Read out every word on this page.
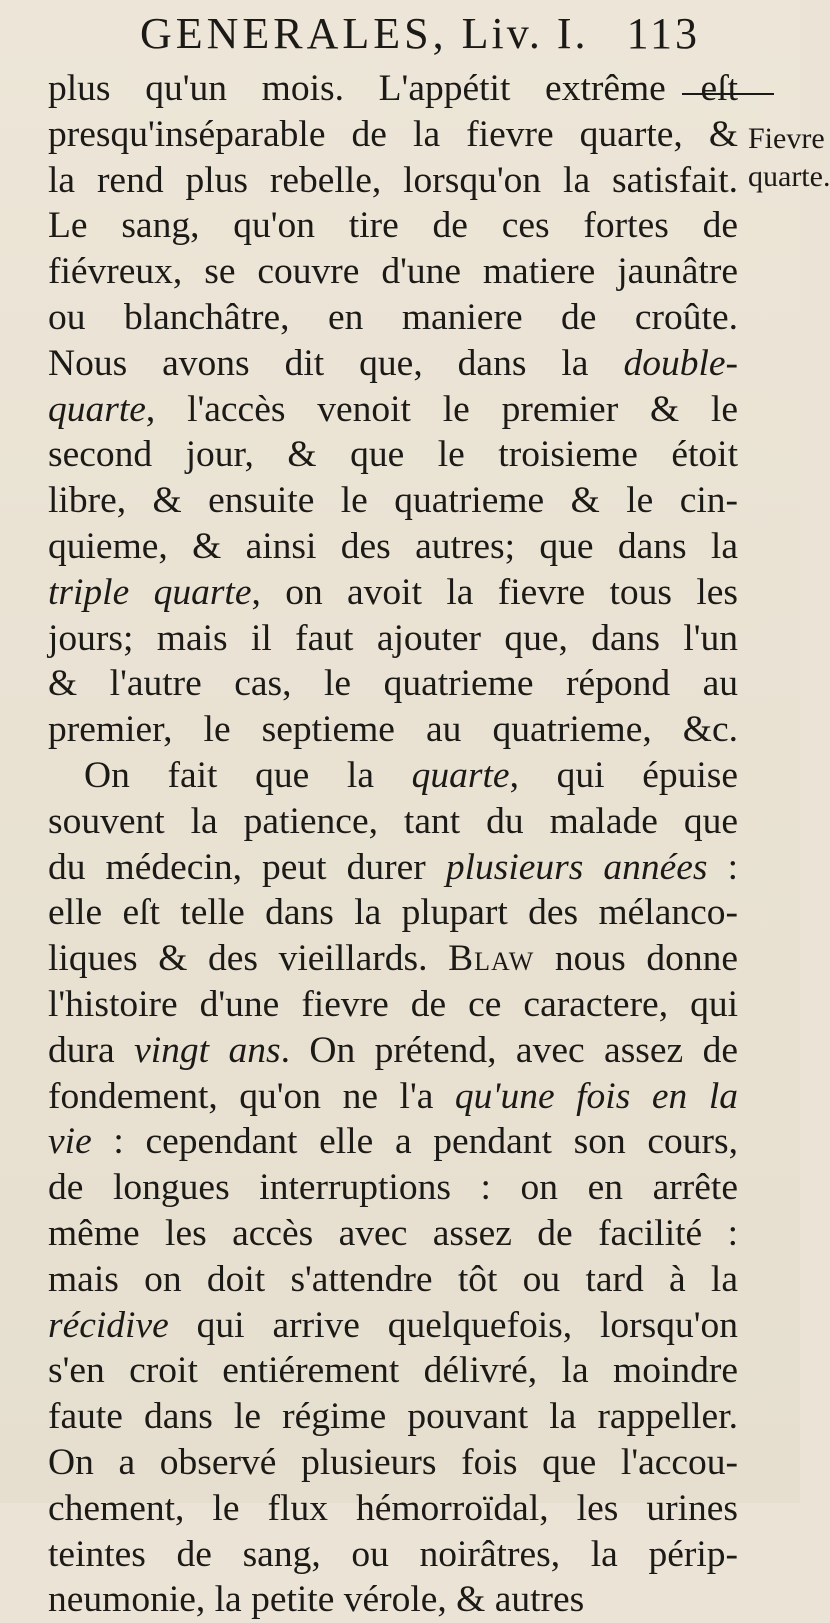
GENERALES, Liv. I. 113
Fievre
quarte.
plus qu'un mois. L'appétit extrême eſt
presqu'inséparable de la fievre quarte, &
la rend plus rebelle, lorsqu'on la satisfait.
Le sang, qu'on tire de ces fortes de
fiévreux, se couvre d'une matiere jaunâtre
ou blanchâtre, en maniere de croûte.
Nous avons dit que, dans la double-
quarte, l'accès venoit le premier & le
second jour, & que le troisieme étoit
libre, & ensuite le quatrieme & le cin-
quieme, & ainsi des autres; que dans la
triple quarte, on avoit la fievre tous les
jours; mais il faut ajouter que, dans l'un
& l'autre cas, le quatrieme répond au
premier, le septieme au quatrieme, &c.
On fait que la quarte, qui épuise
souvent la patience, tant du malade que
du médecin, peut durer plusieurs années :
elle eſt telle dans la plupart des mélanco-
liques & des vieillards. Blaw nous donne
l'histoire d'une fievre de ce caractere, qui
dura vingt ans. On prétend, avec assez de
fondement, qu'on ne l'a qu'une fois en la
vie : cependant elle a pendant son cours,
de longues interruptions : on en arrête
même les accès avec assez de facilité :
mais on doit s'attendre tôt ou tard à la
récidive qui arrive quelquefois, lorsqu'on
s'en croit entiérement délivré, la moindre
faute dans le régime pouvant la rappeller.
On a observé plusieurs fois que l'accou-
chement, le flux hémorroïdal, les urines
teintes de sang, ou noirâtres, la périp-
neumonie, la petite vérole, & autres
